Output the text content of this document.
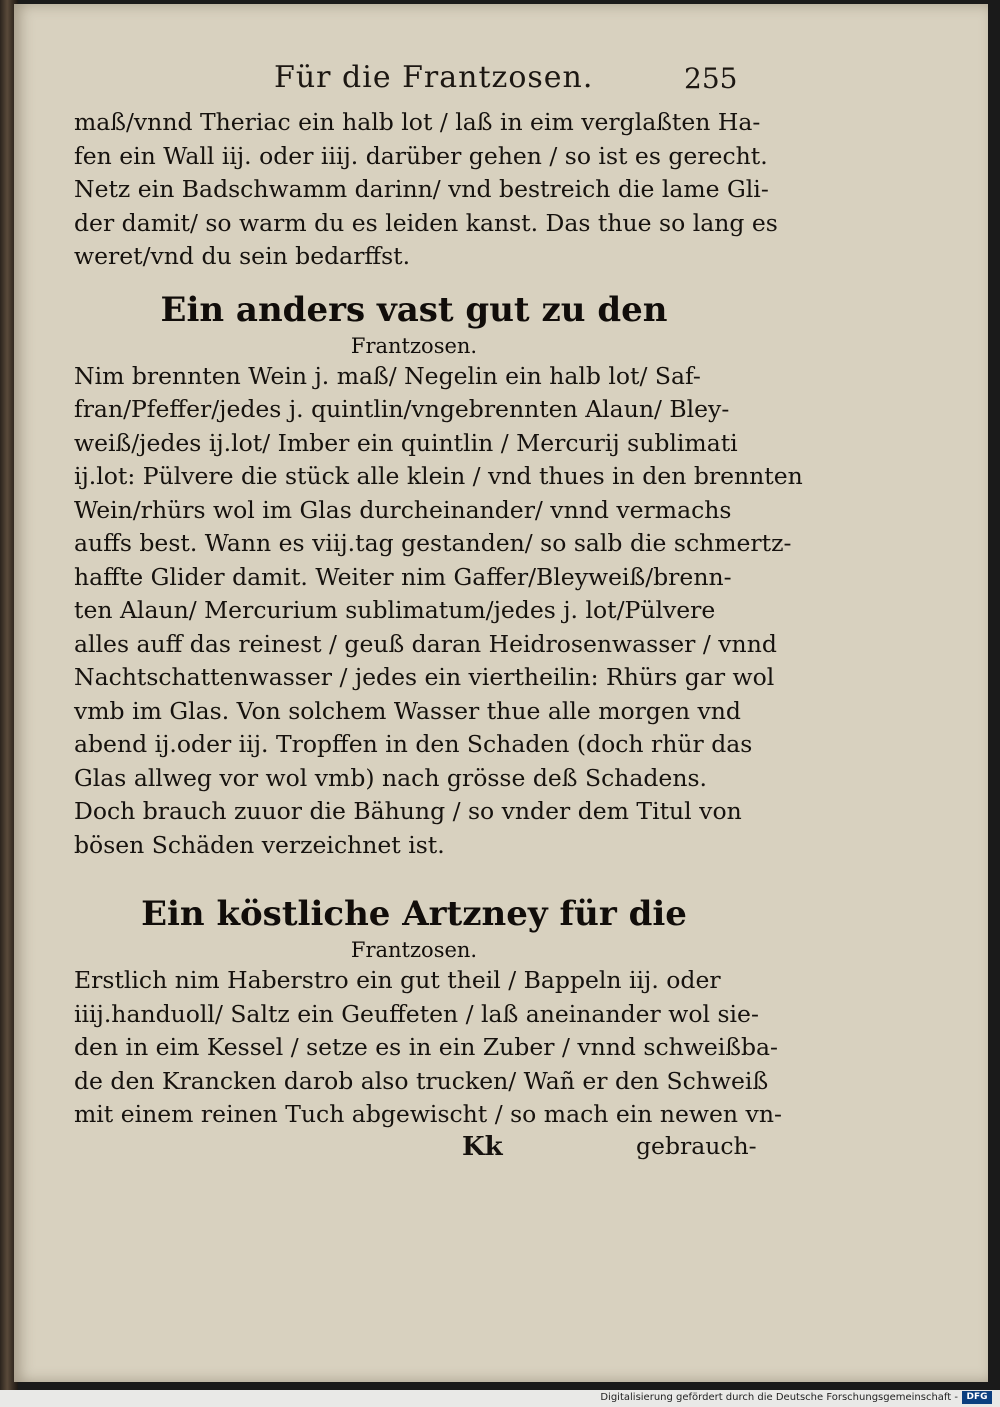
Für die Frantzosen.	255

maß/vnnd Theriac ein halb lot / laß in eim verglaßten Ha-
fen ein Wall iij. oder iiij. darüber gehen / so ist es gerecht.
Netz ein Badschwamm darinn/ vnd bestreich die lame Gli-
der damit/ so warm du es leiden kanst. Das thue so lang es
weret/vnd du sein bedarffst.

Ein anders vast gut zu den
Frantzosen.

Nim brennten Wein j. maß/ Negelin ein halb lot/ Saf-
fran/Pfeffer/jedes j. quintlin/vngebrennten Alaun/ Bley-
weiß/jedes ij.lot/ Imber ein quintlin / Mercurij sublimati
ij.lot: Pülvere die stück alle klein / vnd thues in den brennten
Wein/rhürs wol im Glas durcheinander/ vnnd vermachs
auffs best. Wann es viij.tag gestanden/ so salb die schmertz-
haffte Glider damit. Weiter nim Gaffer/Bleyweiß/brenn-
ten Alaun/ Mercurium sublimatum/jedes j. lot/Pülvere
alles auff das reinest / geuß daran Heidrosenwasser / vnnd
Nachtschattenwasser / jedes ein viertheilin: Rhürs gar wol
vmb im Glas. Von solchem Wasser thue alle morgen vnd
abend ij.oder iij. Tropffen in den Schaden (doch rhür das
Glas allweg vor wol vmb) nach grösse deß Schadens.
Doch brauch zuuor die Bähung / so vnder dem Titul von
bösen Schäden verzeichnet ist.

Ein köstliche Artzney für die
Frantzosen.

Erstlich nim Haberstro ein gut theil / Bappeln iij. oder
iiij.handuoll/ Saltz ein Geuffeten / laß aneinander wol sie-
den in eim Kessel / setze es in ein Zuber / vnnd schweißba-
de den Krancken darob also trucken/ Wañ er den Schweiß
mit einem reinen Tuch abgewischt / so mach ein newen vn-

Kk	gebrauch-
Digitalisierung gefördert durch die Deutsche Forschungsgemeinschaft - DFG
